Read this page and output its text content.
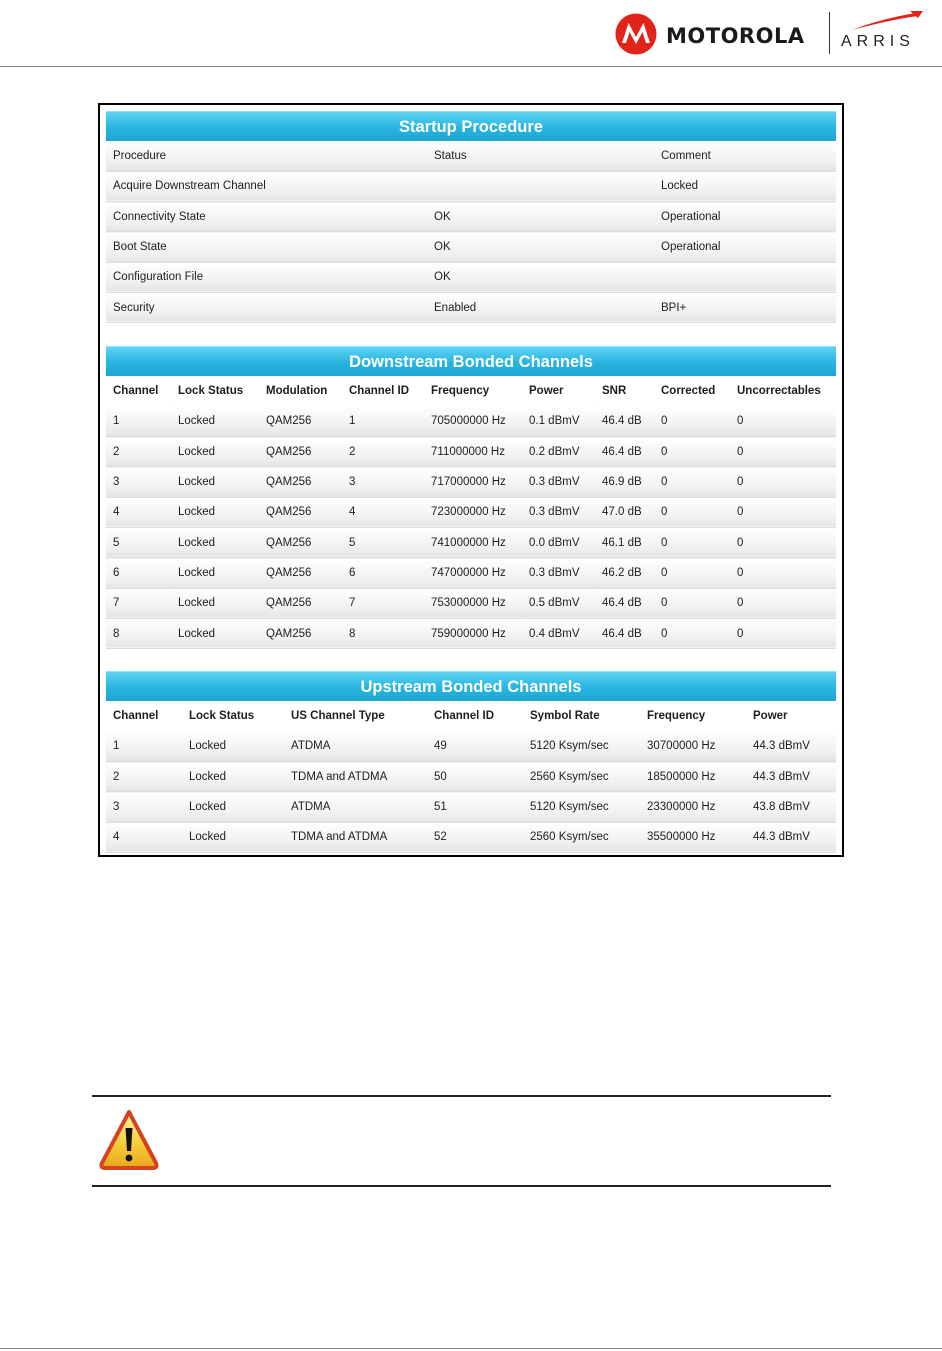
MOTOROLA ARRIS
Startup Procedure
Procedure	Status	Comment
Acquire Downstream Channel		Locked
Connectivity State	OK	Operational
Boot State	OK	Operational
Configuration File	OK	
Security	Enabled	BPI+
Downstream Bonded Channels
Channel	Lock Status	Modulation	Channel ID	Frequency	Power	SNR	Corrected	Uncorrectables
1	Locked	QAM256	1	705000000 Hz	0.1 dBmV	46.4 dB	0	0
2	Locked	QAM256	2	711000000 Hz	0.2 dBmV	46.4 dB	0	0
3	Locked	QAM256	3	717000000 Hz	0.3 dBmV	46.9 dB	0	0
4	Locked	QAM256	4	723000000 Hz	0.3 dBmV	47.0 dB	0	0
5	Locked	QAM256	5	741000000 Hz	0.0 dBmV	46.1 dB	0	0
6	Locked	QAM256	6	747000000 Hz	0.3 dBmV	46.2 dB	0	0
7	Locked	QAM256	7	753000000 Hz	0.5 dBmV	46.4 dB	0	0
8	Locked	QAM256	8	759000000 Hz	0.4 dBmV	46.4 dB	0	0
Upstream Bonded Channels
Channel	Lock Status	US Channel Type	Channel ID	Symbol Rate	Frequency	Power
1	Locked	ATDMA	49	5120 Ksym/sec	30700000 Hz	44.3 dBmV
2	Locked	TDMA and ATDMA	50	2560 Ksym/sec	18500000 Hz	44.3 dBmV
3	Locked	ATDMA	51	5120 Ksym/sec	23300000 Hz	43.8 dBmV
4	Locked	TDMA and ATDMA	52	2560 Ksym/sec	35500000 Hz	44.3 dBmV
